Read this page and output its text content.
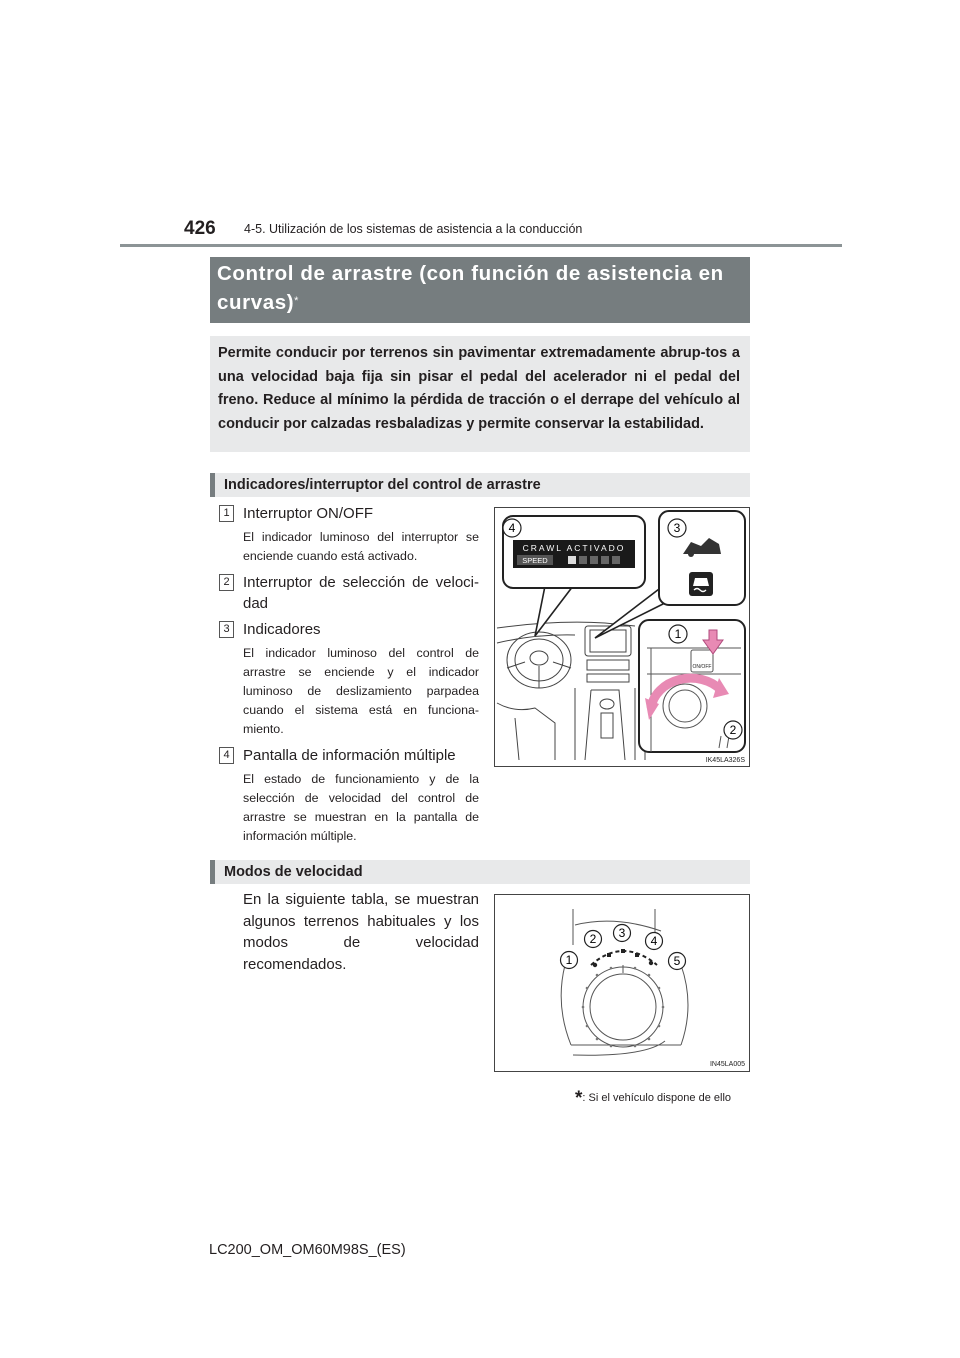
426 4-5. Utilización de los sistemas de asistencia a la conducción
Control de arrastre (con función de asistencia en curvas)*
Permite conducir por terrenos sin pavimentar extremadamente abrup-tos a una velocidad baja fija sin pisar el pedal del acelerador ni el pedal del freno. Reduce al mínimo la pérdida de tracción o el derrape del vehículo al conducir por calzadas resbaladizas y permite conservar la estabilidad.
Indicadores/interruptor del control de arrastre
1 Interruptor ON/OFF
El indicador luminoso del interruptor se enciende cuando está activado.
2 Interruptor de selección de veloci-dad
3 Indicadores
El indicador luminoso del control de arrastre se enciende y el indicador luminoso de deslizamiento parpadea cuando el sistema está en funciona-miento.
4 Pantalla de información múltiple
El estado de funcionamiento y de la selección de velocidad del control de arrastre se muestran en la pantalla de información múltiple.
CRAWL ACTIVADO
SPEED
ON/OFF
4	3
1
2
IK45LA326S
Modos de velocidad
En la siguiente tabla, se muestran algunos terrenos habituales y los modos de velocidad recomendados.	1
2 3
4
5
IN45LA005
*: Si el vehículo dispone de ello
LC200_OM_OM60M98S_(ES)
